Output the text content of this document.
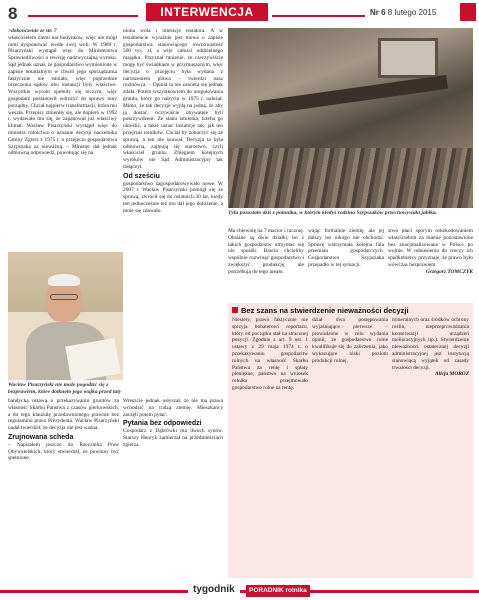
8	INTERWENCJA	Nr 6 8 lutego 2015

>dokończenie ze str. 7

właścicielem ziemi nai budynków, więc nie mógł nimi dysponować wedle swej woli. W 1989 r. Pisarzyński wystąpił więc do Ministerstwa Sprawiedliwości o rewizję nadzwyczajną wyroku. Sąd jednak uznał, że gospodarstwo wymienione w zapisie notarialnym w chwili jego sporządzania faktycznie nie istniało, więc poprzednie orzeczenia sądów obu instancji były właściwe. Wszystkie wyroki spełniły się niczym, więc gospodarz postanowił wdrożyć do sprawy inny porządny. Chciał najpierw transformacji, która mu weszła. Przepisy zmieniły się, ale dopiero w 1992 r. wydawało mu się, że zapanował już właściwy klimat. Wacław Pisarzyński wystąpił więc do ministra rolnictwa o uznanie decyzji naczelnika Gminy Zgierz z 1975 r. o przejęciu gospodarstwa Szypszaka za nieważną. – Minister dał jednak odmowną odpowiedź, powołując się na

niona wola i interacje testatora. A w testamencie wyraźnie jest mowa o zapisie gospodarstwa stanowiącego równowartość 500 tys. zł, a więc całości oddzielnego majątku. Przyznał mnienie, że rzeczywiście mogę być świadkiem w przymuszonym, więc decyzja o przejęciu była wydana z naruszeniem prawa – twierdzi nasz rozmówca. – Opinia ta nie zawiera się jednak zdała. Potem wszystkowiem do uregulowania gruntu, który go nabyciu w 1975 r. należał. Mimo, że tak decyzje wyjdą na jedną, że aby ją dostać, oczywiście obywatele byli pokrzywdzeni. Ze stanu istnienia, trzeba go określić, a takie uznać instancje tak, jak ten przejrzał rolników. Chciał by zobaczyć się ze sprawą, a ten nie usuwał. Decyzja ta była odmowna, zajmują się starostwo, czyli właściciel gruntu. Zbiegiem kolejnych wyroków nie Sąd Administracyjny tak dołączył.

Od sześciu

gospodarstwo zagospodarowywało nowe. W 2007 r. Wacław Pisarzyński pomógł się ze sprawą, zwrócił się do ostatnich 30 lat, kiedy ten jednocześnie też mu dał jego dołożenie, a mnie się zdawało.	Tylu pozostało dziś z pomnika, w którym kiedyś rodzina Szypszaków przechowywała jabłka.

Ma chlewnię na 7 macior i tucznię. Obsiane są dwie działki, bo z takich gospodarstw utrzymać się nie sposób. Bracia chcieliby wspólnie rozwinąć gospodarstwo i zwiększyć produkcję, ale potrzebują do tego areału.

wając formalnie ziemię, ale jej dalszy los nikogo nie obchodzi. Sprawę wstrzymała kolejna fala przemian gospodarczych. Gospodarstwo Szypszaka przepadło w tej sytuacji.

stwo płaci sporym odszkodowaniem właścicielom za mienie pozostawione bez znacjonalizowane w Polsce po wojnie. W odniesieniu do rzeczy ich spadkobiercy przyznaje, że prawo było wówczas bezprawiem.

Grzegorz TOMCZYK

Wacław Pisarzyński nie może pogodzić się z bezprawiem, które dotknęło jego wujka przed laty

bandycką ustawą o przekazywaniu gruntów za własność Skarbu Państwa z czasów gierkowskich, a do tego klauzulę przedawnionego prawnie bez regulaminu przez Prezydenta. Wacław Pisarzyński nadal twierdził, że decyzja nie jest ważna.

Zrujnowana scheda

– Napisałem jeszcze do Rzecznika Praw Obywatelskich, który stwierdził, że powinny być spełnione.

Wreszcie jednak usłyszał, że nie ma prawa wchodzić na cudzą ziemię. Mieszkańcy zaczęli potem pytać.

Pytania bez odpowiedzi

Gospodarz z Dąbrówki ma dwóch synów. Starszy Henryk zamierzał na przedmieściach zgierza.

Bez szans na stwierdzenie nieważności decyzji

Niestety, prawo faktycznie nie sprzyja bohaterowi reportażu, który od początku stał na straconej pozycji. Zgodnie z art. 9 ust. 1 ustawy z 29 maja 1974 r. o przekazywaniu gospodarstw rolnych na własność Skarbu Państwa za rentę i spłaty pieniężne, państwo na wniosek rolnika przejmowało gospodarstwo rolne za rentę.

dział dwa postępowania wyjaśniające pierwsze – prowadzone w celu wydania opinii, że gospodarstwo rolne kwalifikuje się do zaliczenia, jako wykazujące niski poziom produkcji rolnej.

mineralnych oraz środków ochrony roślin, nieprzeprowadzania konserwacji urządzeń melioracyjnych itp.). Stwierdzenie nieważności ostatecznej decyzji administracyjnej jest instytucją stanowiącą wyjątek od zasady trwałości decyzji.

Alicja MOROZ

tygodnik	PORADNIK rolnika
